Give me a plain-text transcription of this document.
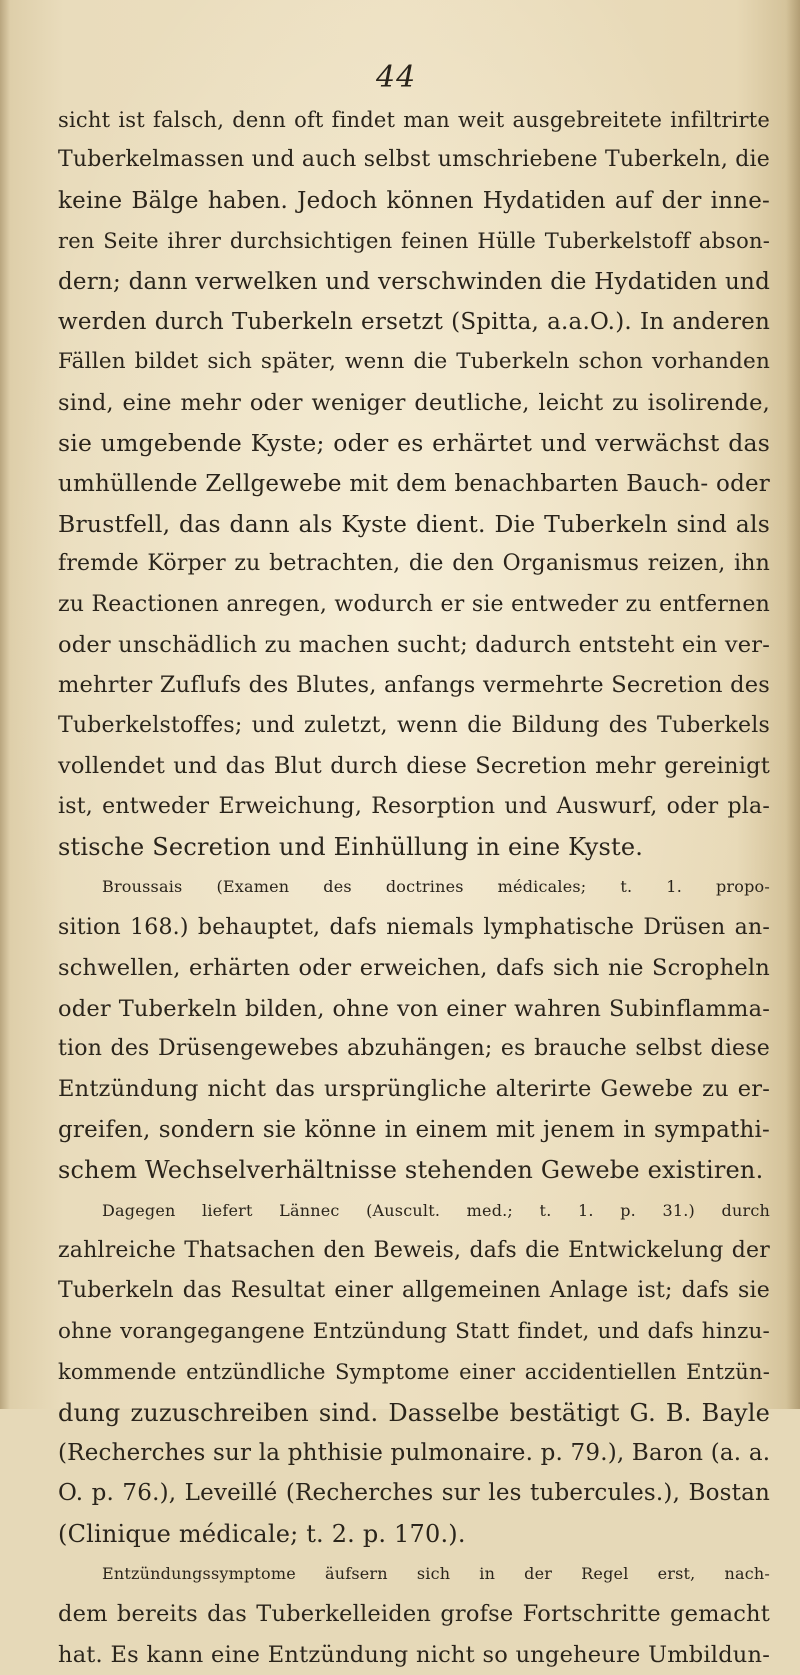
44
sicht ist falsch, denn oft findet man weit ausgebreitete infiltrirte
Tuberkelmassen und auch selbst umschriebene Tuberkeln, die
keine Bälge haben. Jedoch können Hydatiden auf der inne-
ren Seite ihrer durchsichtigen feinen Hülle Tuberkelstoff abson-
dern; dann verwelken und verschwinden die Hydatiden und
werden durch Tuberkeln ersetzt (Spitta, a.a.O.). In anderen
Fällen bildet sich später, wenn die Tuberkeln schon vorhanden
sind, eine mehr oder weniger deutliche, leicht zu isolirende,
sie umgebende Kyste; oder es erhärtet und verwächst das
umhüllende Zellgewebe mit dem benachbarten Bauch- oder
Brustfell, das dann als Kyste dient. Die Tuberkeln sind als
fremde Körper zu betrachten, die den Organismus reizen, ihn
zu Reactionen anregen, wodurch er sie entweder zu entfernen
oder unschädlich zu machen sucht; dadurch entsteht ein ver-
mehrter Zuflufs des Blutes, anfangs vermehrte Secretion des
Tuberkelstoffes; und zuletzt, wenn die Bildung des Tuberkels
vollendet und das Blut durch diese Secretion mehr gereinigt
ist, entweder Erweichung, Resorption und Auswurf, oder pla-
stische Secretion und Einhüllung in eine Kyste.
Broussais (Examen des doctrines médicales; t. 1. propo-
sition 168.) behauptet, dafs niemals lymphatische Drüsen an-
schwellen, erhärten oder erweichen, dafs sich nie Scropheln
oder Tuberkeln bilden, ohne von einer wahren Subinflamma-
tion des Drüsengewebes abzuhängen; es brauche selbst diese
Entzündung nicht das ursprüngliche alterirte Gewebe zu er-
greifen, sondern sie könne in einem mit jenem in sympathi-
schem Wechselverhältnisse stehenden Gewebe existiren.
Dagegen liefert Lännec (Auscult. med.; t. 1. p. 31.) durch
zahlreiche Thatsachen den Beweis, dafs die Entwickelung der
Tuberkeln das Resultat einer allgemeinen Anlage ist; dafs sie
ohne vorangegangene Entzündung Statt findet, und dafs hinzu-
kommende entzündliche Symptome einer accidentiellen Entzün-
dung zuzuschreiben sind. Dasselbe bestätigt G. B. Bayle
(Recherches sur la phthisie pulmonaire. p. 79.), Baron (a. a.
O. p. 76.), Leveillé (Recherches sur les tubercules.), Bostan
(Clinique médicale; t. 2. p. 170.).
Entzündungssymptome äufsern sich in der Regel erst, nach-
dem bereits das Tuberkelleiden grofse Fortschritte gemacht
hat. Es kann eine Entzündung nicht so ungeheure Umbildun-
